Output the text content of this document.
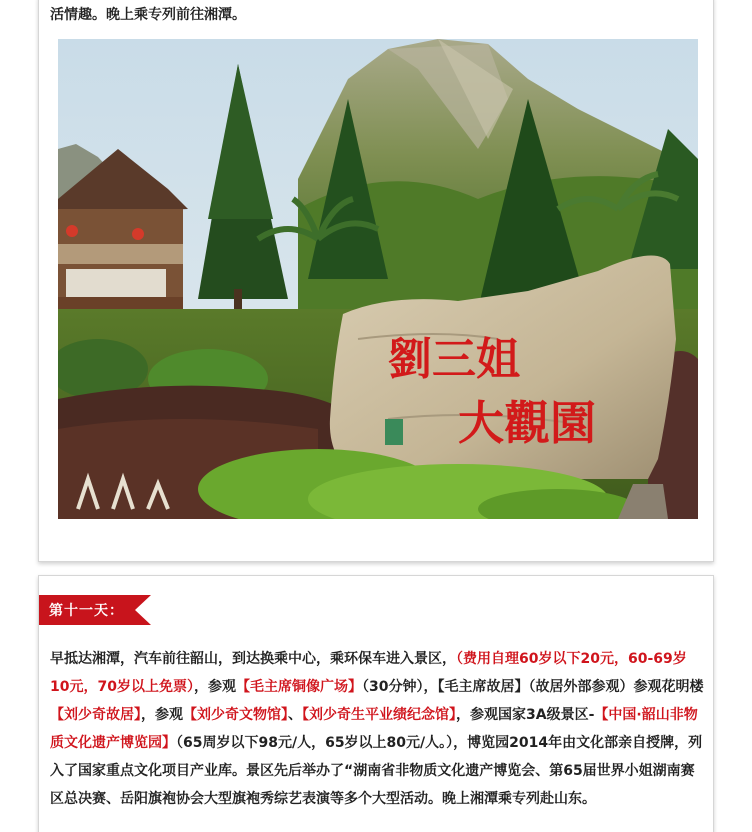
活情趣。晚上乘专列前往湘潭。
劉三姐
大觀園
第十一天：
早抵达湘潭，汽车前往韶山，到达换乘中心，乘环保车进入景区，（费用自理60岁以下20元，60-69岁10元，70岁以上免票），参观【毛主席铜像广场】（30分钟），【毛主席故居】（故居外部参观）参观花明楼【刘少奇故居】，参观【刘少奇文物馆】、【刘少奇生平业绩纪念馆】，参观国家3A级景区-【中国·韶山非物质文化遗产博览园】（65周岁以下98元/人，65岁以上80元/人。），博览园2014年由文化部亲自授牌，列入了国家重点文化项目产业库。景区先后举办了“湖南省非物质文化遗产博览会、第65届世界小姐湖南赛区总决赛、岳阳旗袍协会大型旗袍秀综艺表演等多个大型活动。晚上湘潭乘专列赴山东。
